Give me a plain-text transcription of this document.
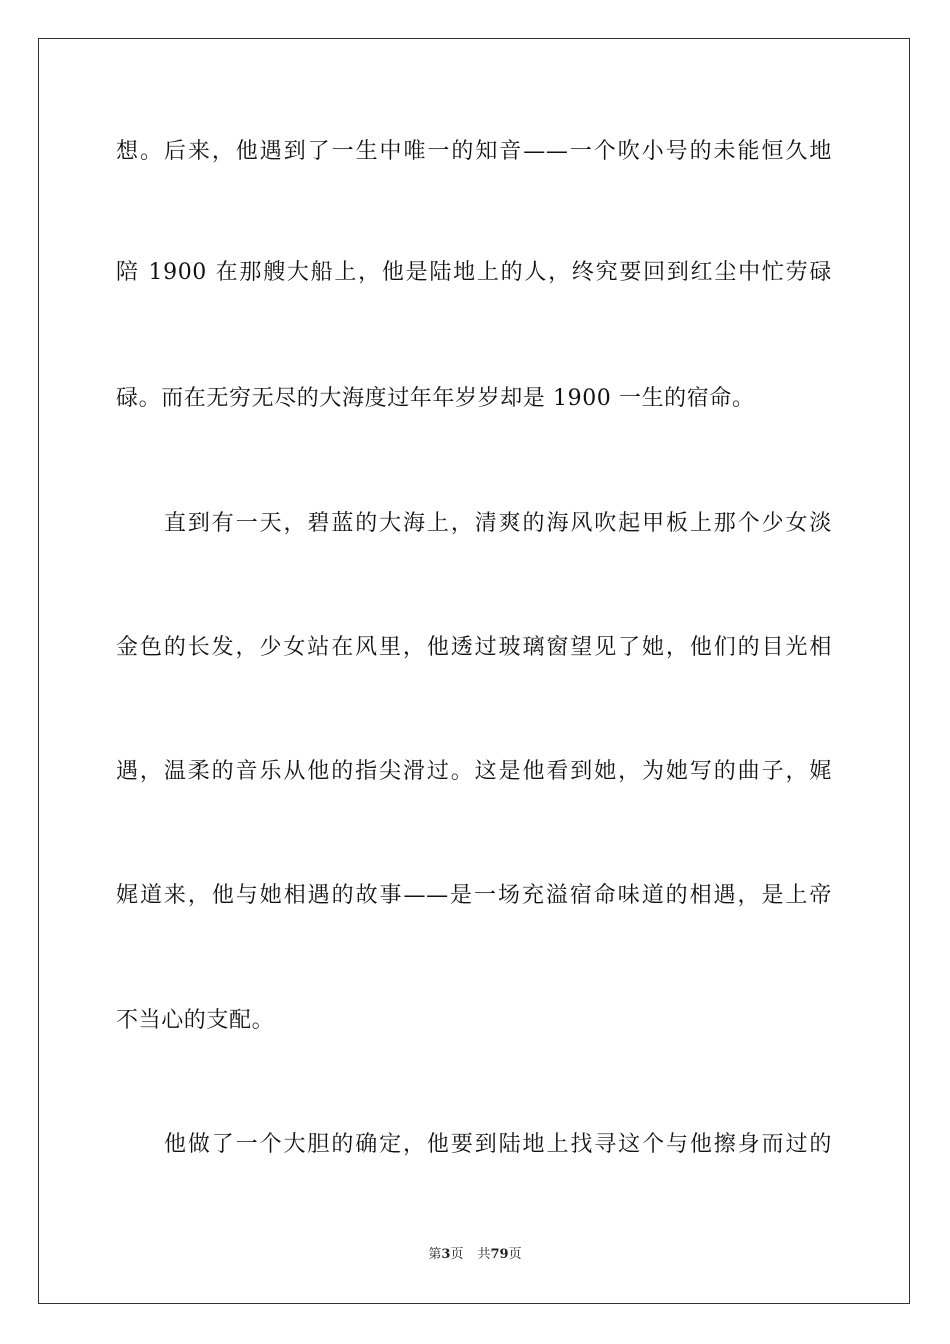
想。后来，他遇到了一生中唯一的知音——一个吹小号的未能恒久地
陪 1900 在那艘大船上，他是陆地上的人，终究要回到红尘中忙劳碌
碌。而在无穷无尽的大海度过年年岁岁却是 1900 一生的宿命。
直到有一天，碧蓝的大海上，清爽的海风吹起甲板上那个少女淡
金色的长发，少女站在风里，他透过玻璃窗望见了她，他们的目光相
遇，温柔的音乐从他的指尖滑过。这是他看到她，为她写的曲子，娓
娓道来，他与她相遇的故事——是一场充溢宿命味道的相遇，是上帝
不当心的支配。
他做了一个大胆的确定，他要到陆地上找寻这个与他擦身而过的
第3页 共79页
